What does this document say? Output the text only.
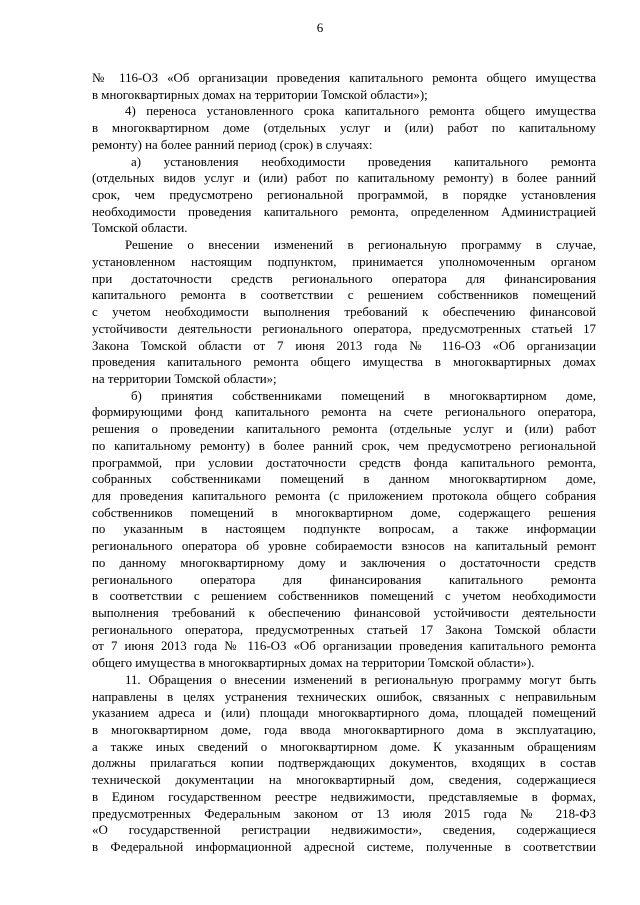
6
№ 116-ОЗ «Об организации проведения капитального ремонта общего имущества
в многоквартирных домах на территории Томской области»);
4) переноса установленного срока капитального ремонта общего имущества
в многоквартирном доме (отдельных услуг и (или) работ по капитальному
ремонту) на более ранний период (срок) в случаях:
а) установления необходимости проведения капитального ремонта
(отдельных видов услуг и (или) работ по капитальному ремонту) в более ранний
срок, чем предусмотрено региональной программой, в порядке установления
необходимости проведения капитального ремонта, определенном Администрацией
Томской области.
Решение о внесении изменений в региональную программу в случае,
установленном настоящим подпунктом, принимается уполномоченным органом
при достаточности средств регионального оператора для финансирования
капитального ремонта в соответствии с решением собственников помещений
с учетом необходимости выполнения требований к обеспечению финансовой
устойчивости деятельности регионального оператора, предусмотренных статьей 17
Закона Томской области от 7 июня 2013 года № 116-ОЗ «Об организации
проведения капитального ремонта общего имущества в многоквартирных домах
на территории Томской области»;
б) принятия собственниками помещений в многоквартирном доме,
формирующими фонд капитального ремонта на счете регионального оператора,
решения о проведении капитального ремонта (отдельные услуг и (или) работ
по капитальному ремонту) в более ранний срок, чем предусмотрено региональной
программой, при условии достаточности средств фонда капитального ремонта,
собранных собственниками помещений в данном многоквартирном доме,
для проведения капитального ремонта (с приложением протокола общего собрания
собственников помещений в многоквартирном доме, содержащего решения
по указанным в настоящем подпункте вопросам, а также информации
регионального оператора об уровне собираемости взносов на капитальный ремонт
по данному многоквартирному дому и заключения о достаточности средств
регионального оператора для финансирования капитального ремонта
в соответствии с решением собственников помещений с учетом необходимости
выполнения требований к обеспечению финансовой устойчивости деятельности
регионального оператора, предусмотренных статьей 17 Закона Томской области
от 7 июня 2013 года № 116-ОЗ «Об организации проведения капитального ремонта
общего имущества в многоквартирных домах на территории Томской области»).
11. Обращения о внесении изменений в региональную программу могут быть
направлены в целях устранения технических ошибок, связанных с неправильным
указанием адреса и (или) площади многоквартирного дома, площадей помещений
в многоквартирном доме, года ввода многоквартирного дома в эксплуатацию,
а также иных сведений о многоквартирном доме. К указанным обращениям
должны прилагаться копии подтверждающих документов, входящих в состав
технической документации на многоквартирный дом, сведения, содержащиеся
в Едином государственном реестре недвижимости, представляемые в формах,
предусмотренных Федеральным законом от 13 июля 2015 года № 218-ФЗ
«О государственной регистрации недвижимости», сведения, содержащиеся
в Федеральной информационной адресной системе, полученные в соответствии
